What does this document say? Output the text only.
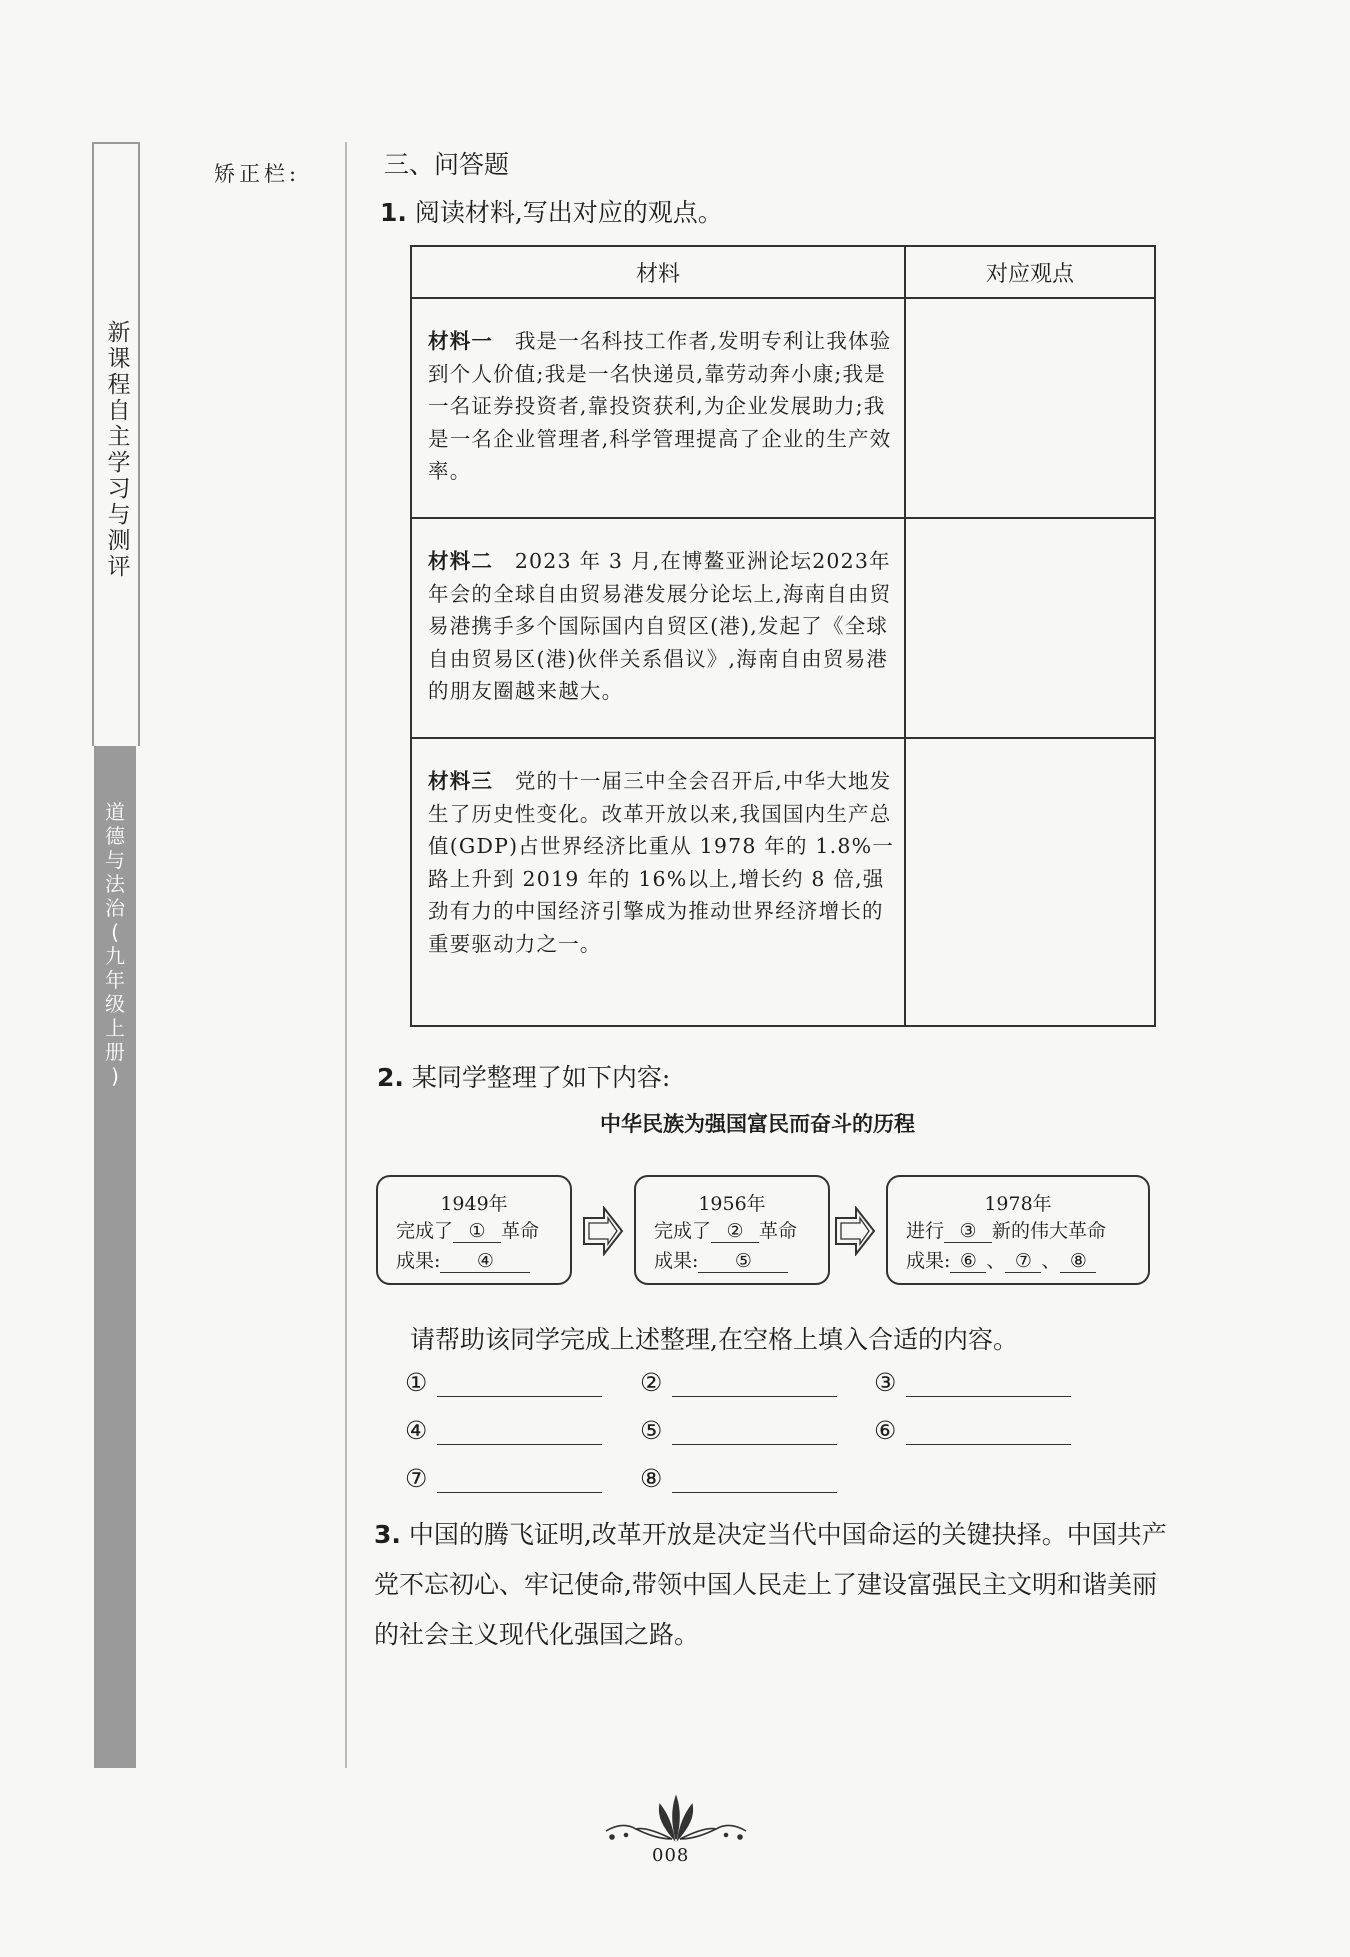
新课程自主学习与测评
道
德
与
法
治
(
九
年
级
上
册
)
矫正栏:	三、问答题
1. 阅读材料,写出对应的观点。
材料	对应观点
材料一　 我是一名科技工作者,发明专利让我体验到个人价值;我是一名快递员,靠劳动奔小康;我是一名证券投资者,靠投资获利,为企业发展助力;我是一名企业管理者,科学管理提高了企业的生产效率。	
材料二　 2023 年 3 月,在博鳌亚洲论坛2023年年会的全球自由贸易港发展分论坛上,海南自由贸易港携手多个国际国内自贸区(港),发起了《全球自由贸易区(港)伙伴关系倡议》,海南自由贸易港的朋友圈越来越大。	
材料三　 党的十一届三中全会召开后,中华大地发生了历史性变化。改革开放以来,我国国内生产总值(GDP)占世界经济比重从 1978 年的 1.8%一路上升到 2019 年的 16%以上,增长约 8 倍,强劲有力的中国经济引擎成为推动世界经济增长的重要驱动力之一。	
2. 某同学整理了如下内容:
中华民族为强国富民而奋斗的历程
1949年
完成了 ① 革命
成果: ④
1956年
完成了 ② 革命
成果: ⑤
1978年
进行 ③ 新的伟大革命
成果: ⑥ 、 ⑦ 、 ⑧
请帮助该同学完成上述整理,在空格上填入合适的内容。
①	②	③
④	⑤	⑥
⑦	⑧
3. 中国的腾飞证明,改革开放是决定当代中国命运的关键抉择。中国共产党不忘初心、牢记使命,带领中国人民走上了建设富强民主文明和谐美丽的社会主义现代化强国之路。
008
